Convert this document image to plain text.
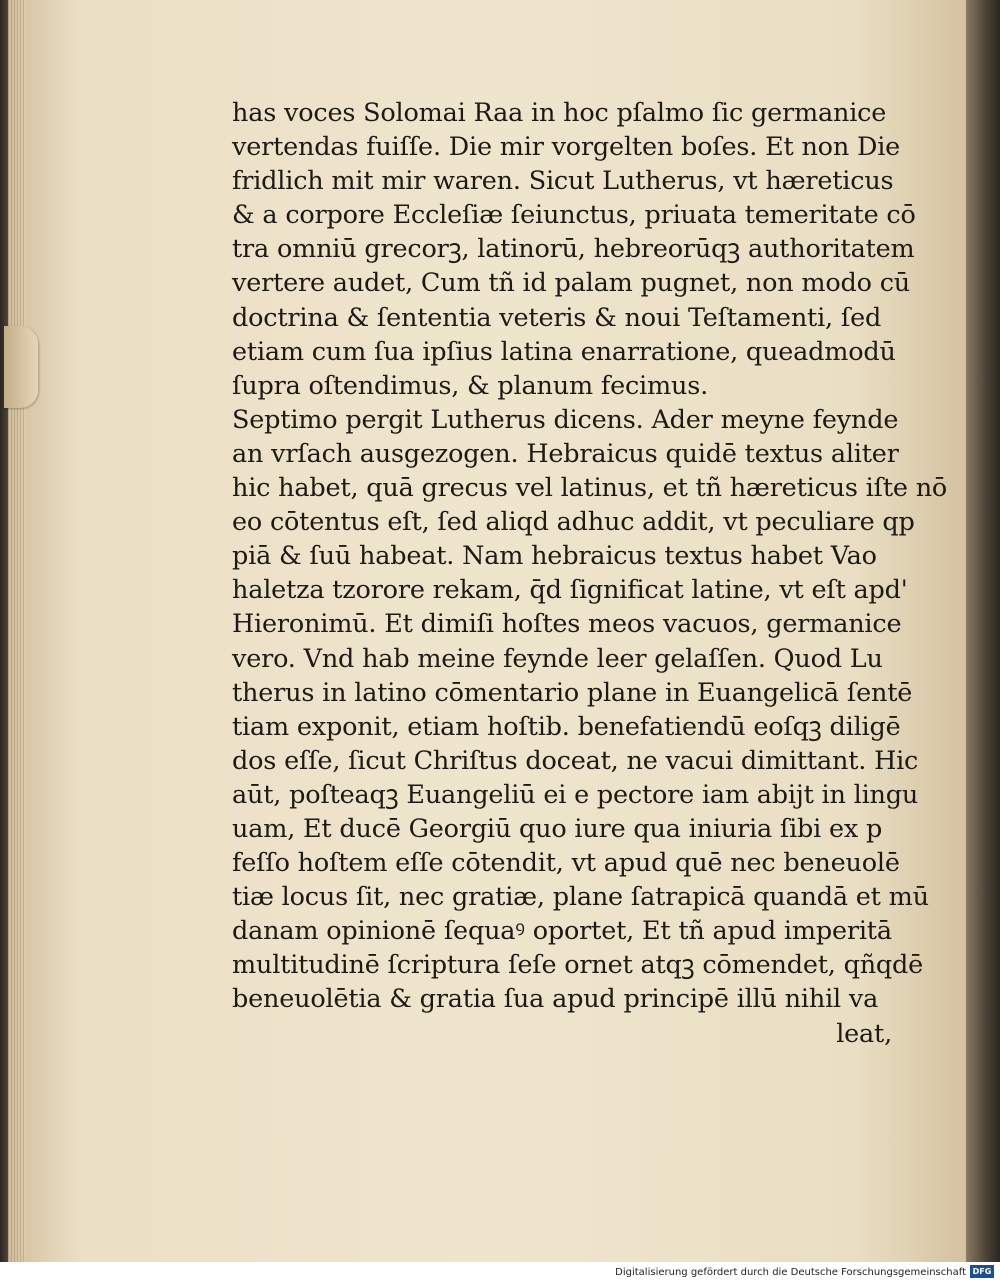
has voces Solomai Raa in hoc pſalmo ſic germanice
vertendas fuiſſe. Die mir vorgelten boſes. Et non Die
fridlich mit mir waren. Sicut Lutherus, vt hæreticus
& a corpore Eccleſiæ ſeiunctus, priuata temeritate cō
tra omniū grecorꝫ, latinorū, hebreorūqꝫ authoritatem
vertere audet, Cum tñ id palam pugnet, non modo cū
doctrina & ſententia veteris & noui Teſtamenti, ſed
etiam cum ſua ipſius latina enarratione, queadmodū
ſupra oſtendimus, & planum fecimus.
Septimo pergit Lutherus dicens. Ader meyne feynde
an vrſach ausgezogen. Hebraicus quidē textus aliter
hic habet, quā grecus vel latinus, et tñ hæreticus iſte nō
eo cōtentus eſt, ſed aliqd adhuc addit, vt peculiare qp
piā & ſuū habeat. Nam hebraicus textus habet Vao
haletza tzorore rekam, q̄d ſignificat latine, vt eſt apd'
Hieronimū. Et dimiſi hoſtes meos vacuos, germanice
vero. Vnd hab meine feynde leer gelaſſen. Quod Lu
therus in latino cōmentario plane in Euangelicā ſentē
tiam exponit, etiam hoſtib. benefatiendū eoſqꝫ diligē
dos eſſe, ſicut Chriſtus doceat, ne vacui dimittant. Hic
aūt, poſteaqꝫ Euangeliū ei e pectore iam abijt in lingu
uam, Et ducē Georgiū quo iure qua iniuria ſibi ex p
feſſo hoſtem eſſe cōtendit, vt apud quē nec beneuolē
tiæ locus ſit, nec gratiæ, plane ſatrapicā quandā et mū
danam opinionē ſequaꝰ oportet, Et tñ apud imperitā
multitudinē ſcriptura ſeſe ornet atqꝫ cōmendet, qñqdē
beneuolētia & gratia ſua apud principē illū nihil va
leat,
Digitalisierung gefördert durch die Deutsche Forschungsgemeinschaft DFG
